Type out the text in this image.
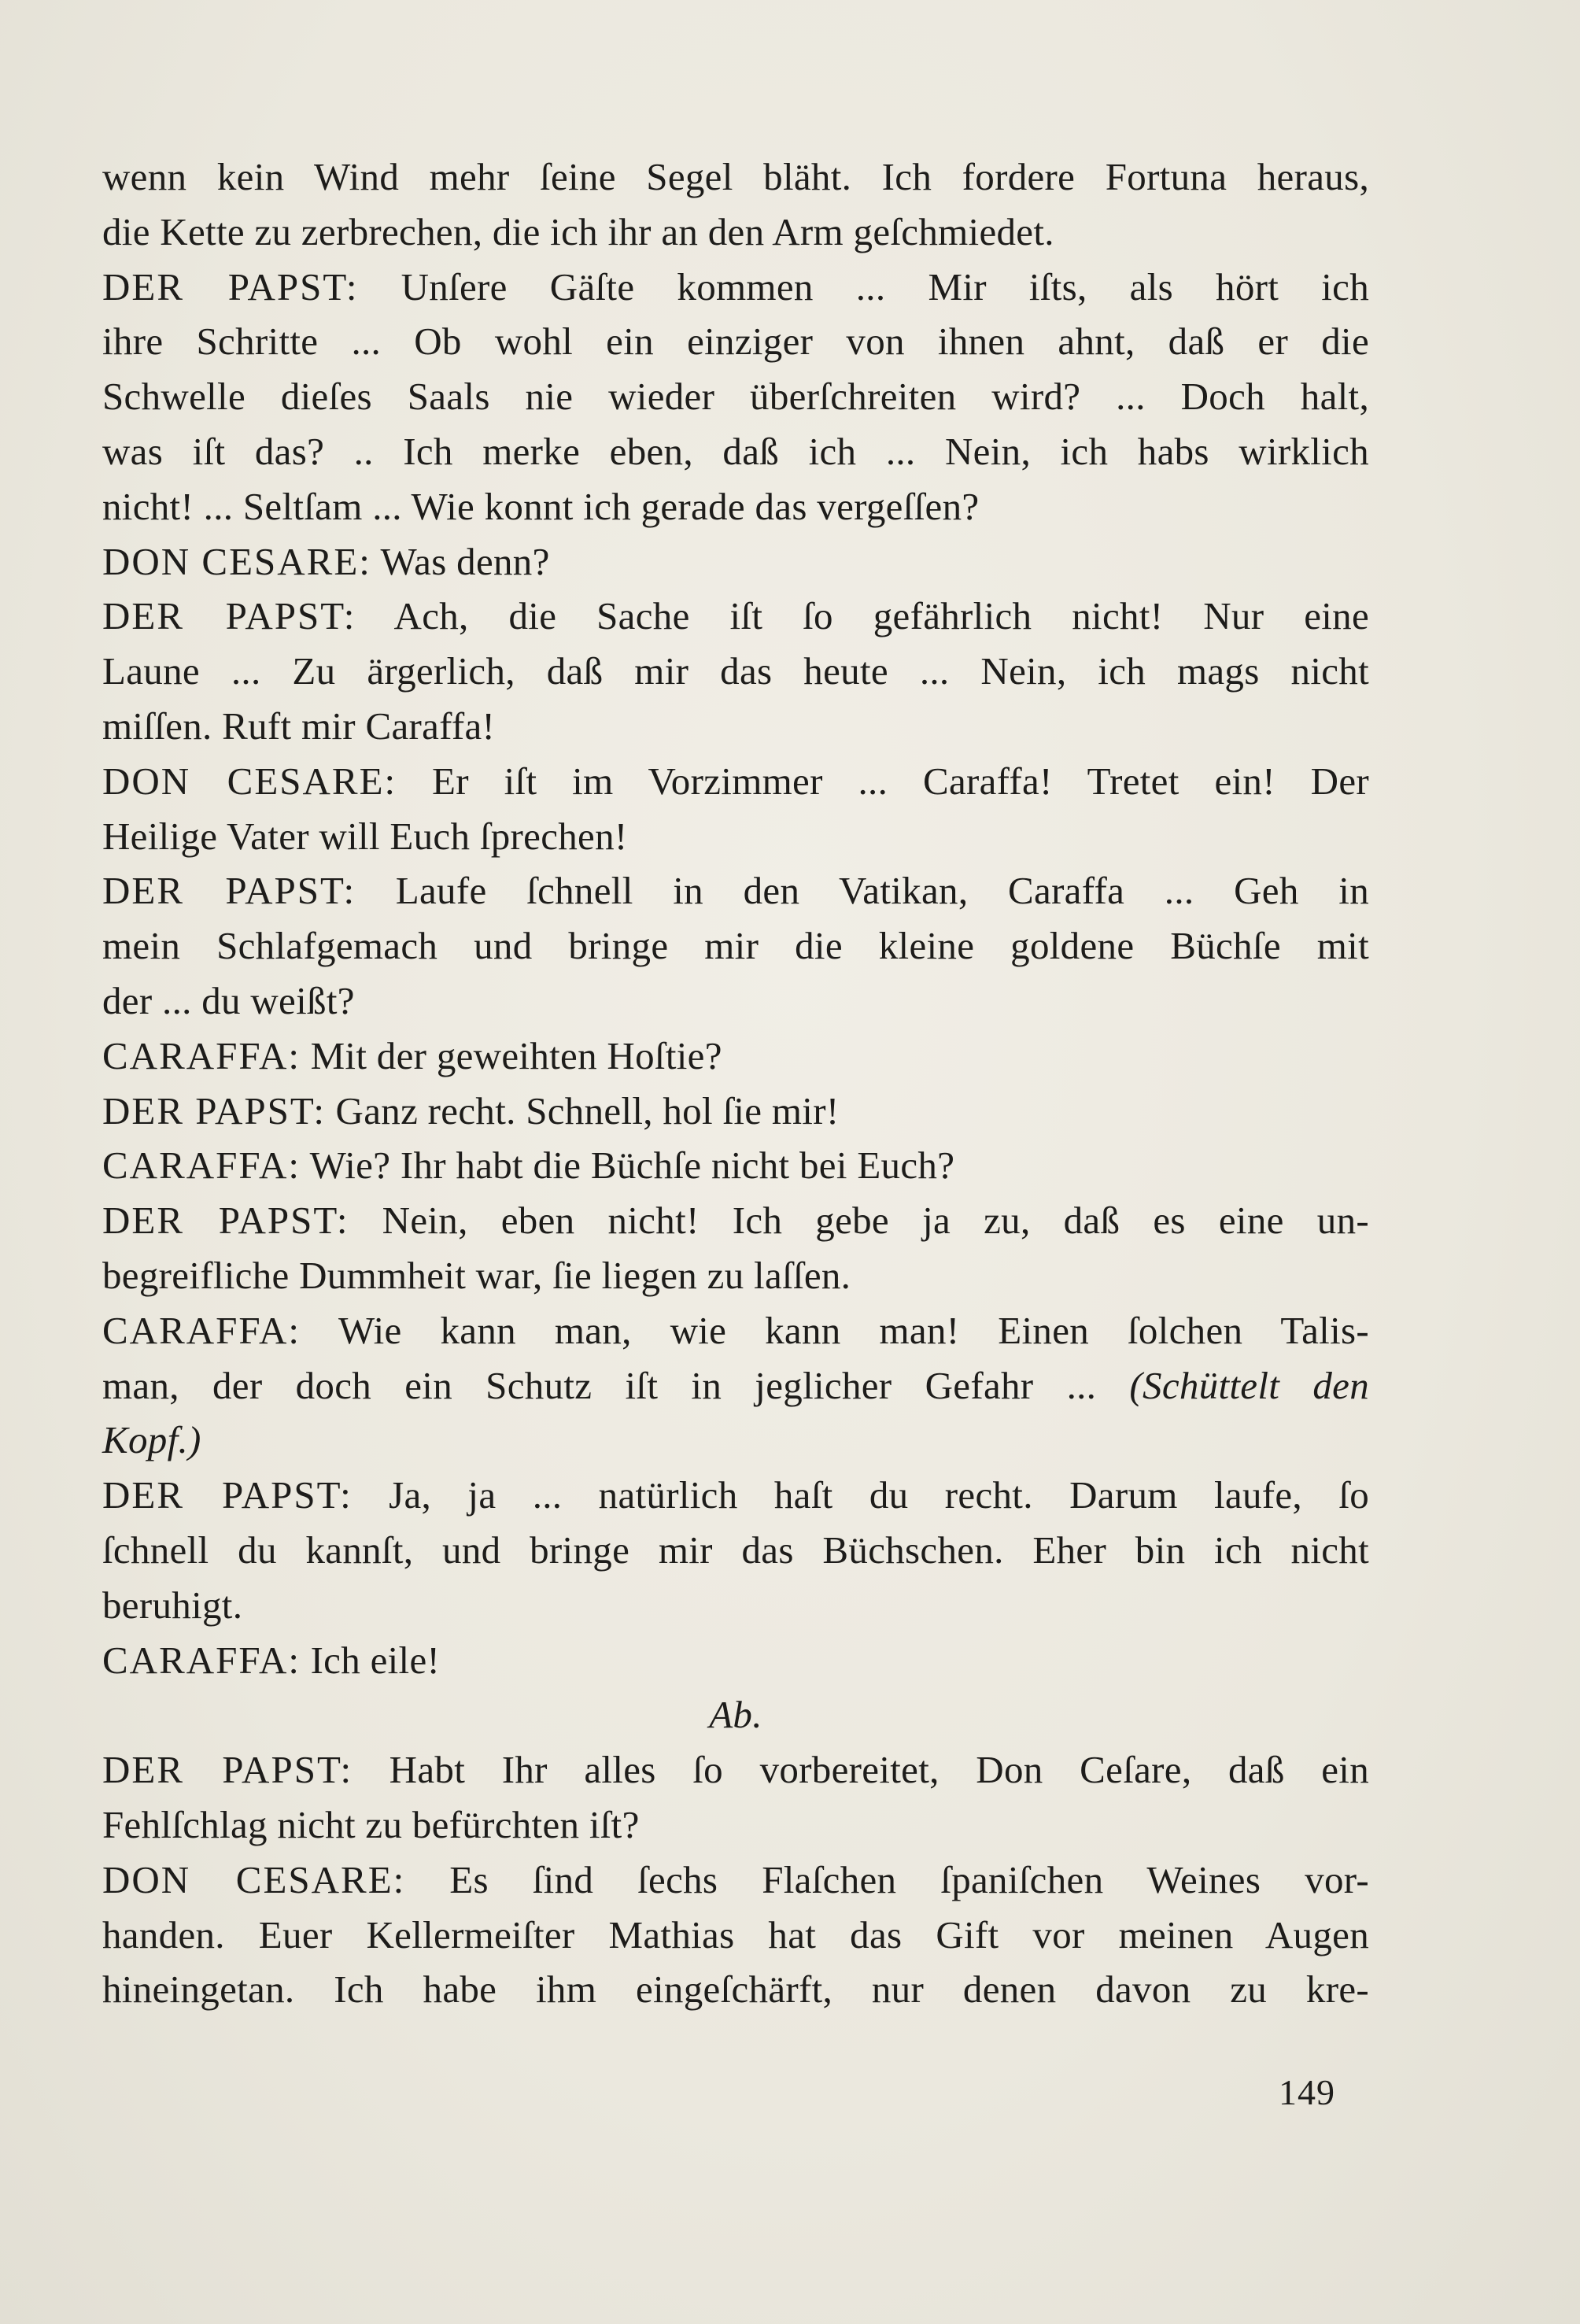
wenn kein Wind mehr ſeine Segel bläht. Ich fordere Fortuna heraus,
die Kette zu zerbrechen, die ich ihr an den Arm geſchmiedet.
DER PAPST: Unſere Gäſte kommen ... Mir iſts, als hört ich
ihre Schritte ... Ob wohl ein einziger von ihnen ahnt, daß er die
Schwelle dieſes Saals nie wieder überſchreiten wird? ... Doch halt,
was iſt das? .. Ich merke eben, daß ich ... Nein, ich habs wirklich
nicht! ... Seltſam ... Wie konnt ich gerade das vergeſſen?
DON CESARE: Was denn?
DER PAPST: Ach, die Sache iſt ſo gefährlich nicht! Nur eine
Laune ... Zu ärgerlich, daß mir das heute ... Nein, ich mags nicht
miſſen. Ruft mir Caraffa!
DON CESARE: Er iſt im Vorzimmer ... Caraffa! Tretet ein! Der
Heilige Vater will Euch ſprechen!
DER PAPST: Laufe ſchnell in den Vatikan, Caraffa ... Geh in
mein Schlafgemach und bringe mir die kleine goldene Büchſe mit
der ... du weißt?
CARAFFA: Mit der geweihten Hoſtie?
DER PAPST: Ganz recht. Schnell, hol ſie mir!
CARAFFA: Wie? Ihr habt die Büchſe nicht bei Euch?
DER PAPST: Nein, eben nicht! Ich gebe ja zu, daß es eine un-
begreifliche Dummheit war, ſie liegen zu laſſen.
CARAFFA: Wie kann man, wie kann man! Einen ſolchen Talis-
man, der doch ein Schutz iſt in jeglicher Gefahr ... (Schüttelt den
Kopf.)
DER PAPST: Ja, ja ... natürlich haſt du recht. Darum laufe, ſo
ſchnell du kannſt, und bringe mir das Büchschen. Eher bin ich nicht
beruhigt.
CARAFFA: Ich eile!
Ab.
DER PAPST: Habt Ihr alles ſo vorbereitet, Don Ceſare, daß ein
Fehlſchlag nicht zu befürchten iſt?
DON CESARE: Es ſind ſechs Flaſchen ſpaniſchen Weines vor-
handen. Euer Kellermeiſter Mathias hat das Gift vor meinen Augen
hineingetan. Ich habe ihm eingeſchärft, nur denen davon zu kre-
149
